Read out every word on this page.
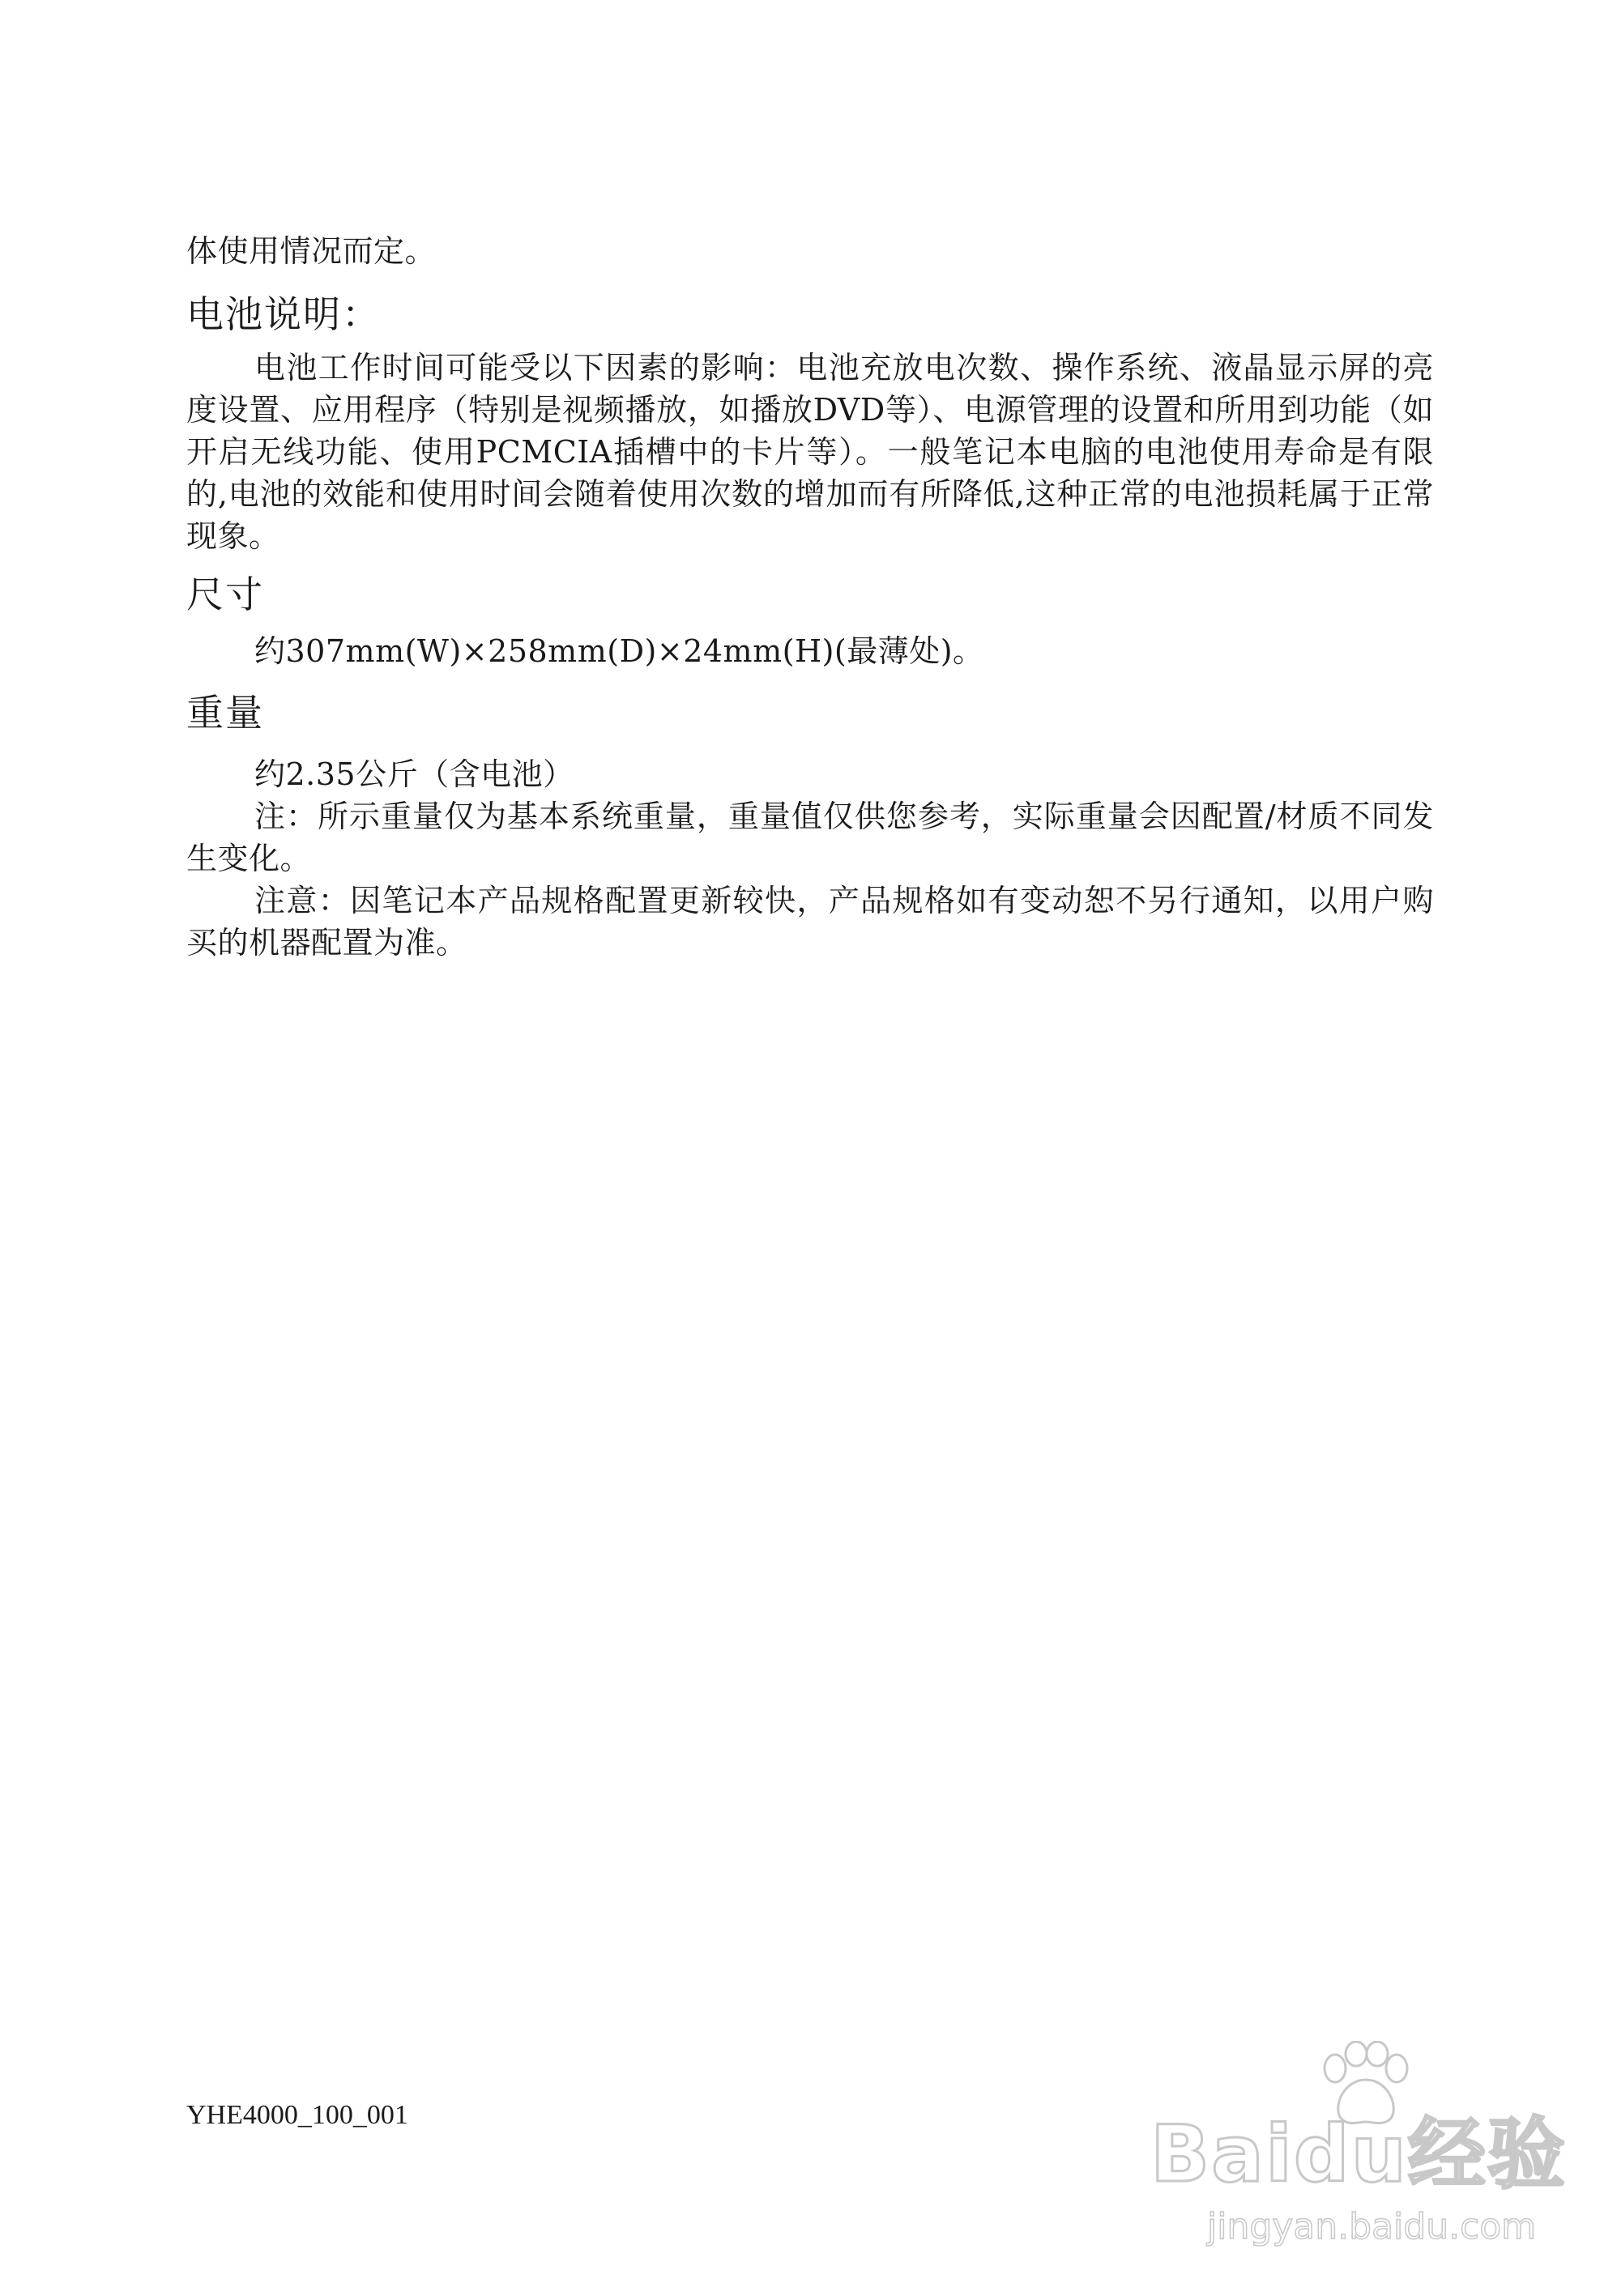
体使用情况而定。

电池说明：

电池工作时间可能受以下因素的影响：电池充放电次数、操作系统、液晶显示屏的亮度设置、应用程序（特别是视频播放，如播放DVD等）、电源管理的设置和所用到功能（如开启无线功能、使用PCMCIA插槽中的卡片等）。一般笔记本电脑的电池使用寿命是有限的,电池的效能和使用时间会随着使用次数的增加而有所降低,这种正常的电池损耗属于正常现象。

尺寸

约307mm(W)×258mm(D)×24mm(H)(最薄处)。

重量

约2.35公斤（含电池）

注：所示重量仅为基本系统重量，重量值仅供您参考，实际重量会因配置/材质不同发生变化。

注意：因笔记本产品规格配置更新较快，产品规格如有变动恕不另行通知，以用户购买的机器配置为准。

YHE4000_100_001	Baidu经验
jingyan.baidu.com
